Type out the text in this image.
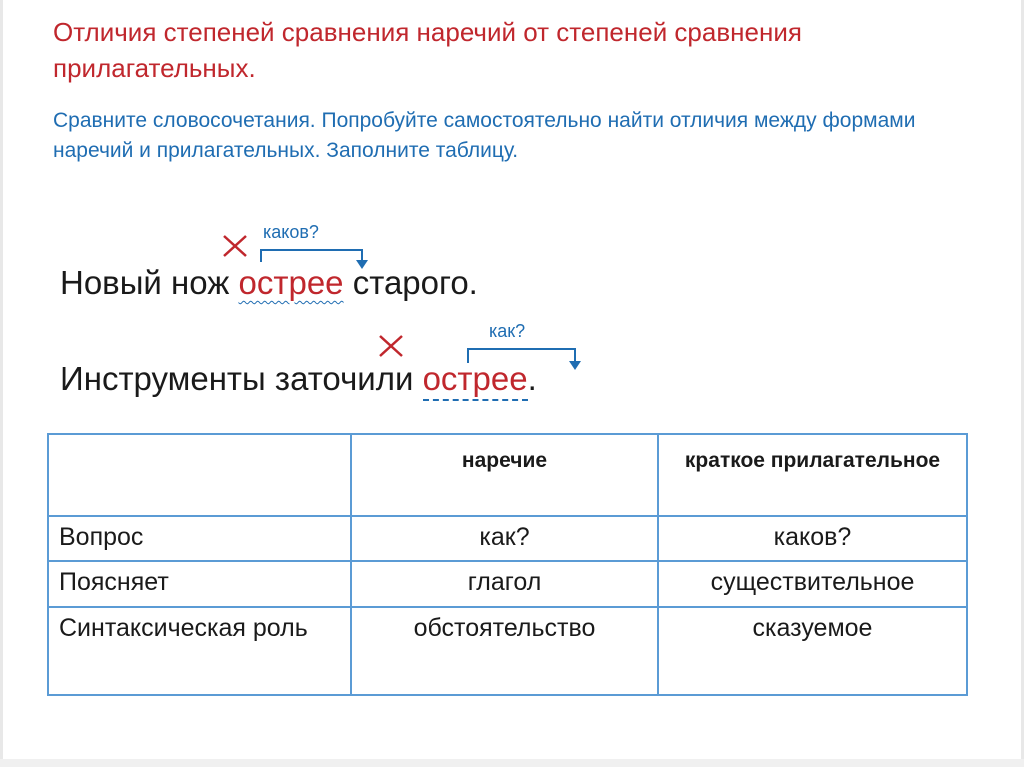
Отличия степеней сравнения наречий от степеней сравнения прилагательных.
Сравните словосочетания. Попробуйте самостоятельно найти отличия между формами наречий и прилагательных. Заполните таблицу.
каков?
Новый нож острее старого.
как?
Инструменты заточили острее.
	наречие	краткое прилагательное
Вопрос	как?	каков?
Поясняет	глагол	существительное
Синтаксическая роль	обстоятельство	сказуемое
